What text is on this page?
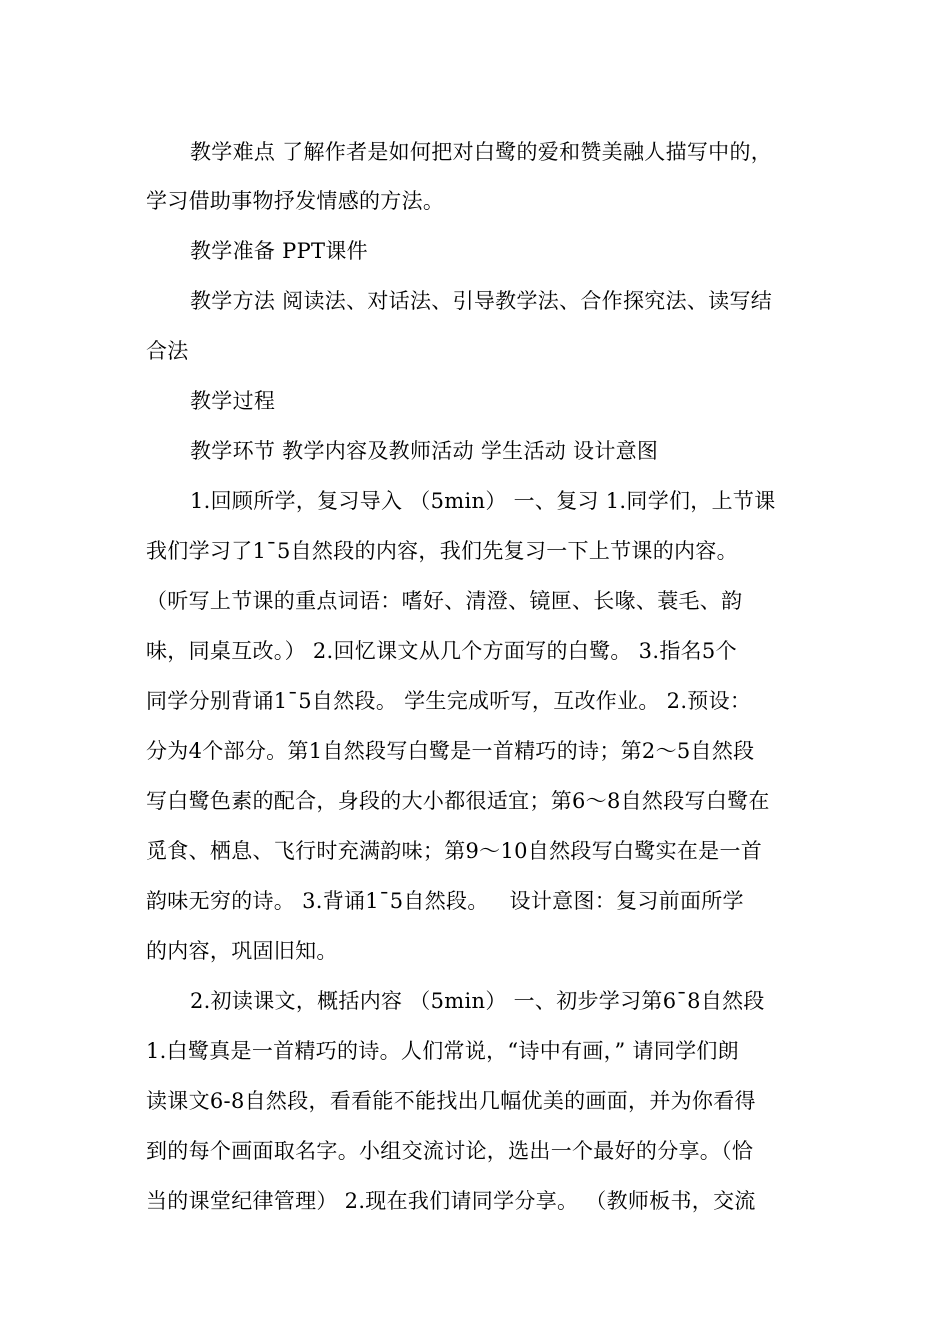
教学难点 了解作者是如何把对白鹭的爱和赞美融人描写中的，
学习借助事物抒发情感的方法。
教学准备 PPT课件
教学方法 阅读法、对话法、引导教学法、合作探究法、读写结
合法
教学过程
教学环节 教学内容及教师活动 学生活动 设计意图
1.回顾所学，复习导入 （5min） 一、复习 1.同学们，上节课
我们学习了1¯5自然段的内容，我们先复习一下上节课的内容。
（听写上节课的重点词语：嗜好、清澄、镜匣、长喙、蓑毛、韵
味，同桌互改。） 2.回忆课文从几个方面写的白鹭。 3.指名5个
同学分别背诵1¯5自然段。 学生完成听写，互改作业。 2.预设：
分为4个部分。第1自然段写白鹭是一首精巧的诗；第2～5自然段
写白鹭色素的配合，身段的大小都很适宜；第6～8自然段写白鹭在
觅食、栖息、飞行时充满韵味；第9～10自然段写白鹭实在是一首
韵味无穷的诗。 3.背诵1¯5自然段。   设计意图：复习前面所学
的内容，巩固旧知。
2.初读课文，概括内容 （5min） 一、初步学习第6¯8自然段
1.白鹭真是一首精巧的诗。人们常说，“诗中有画，” 请同学们朗
读课文6-8自然段，看看能不能找出几幅优美的画面，并为你看得
到的每个画面取名字。小组交流讨论，选出一个最好的分享。（恰
当的课堂纪律管理） 2.现在我们请同学分享。 （教师板书，交流
